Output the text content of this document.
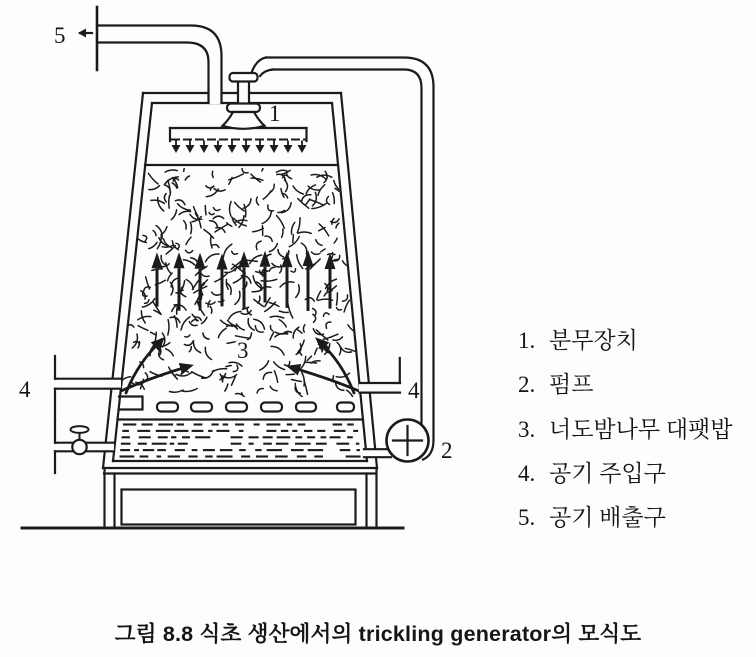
1
2
3
4	4
5
1. 분무장치
2. 펌프
3. 너도밤나무 대팻밥
4. 공기 주입구
5. 공기 배출구
그림 8.8 식초 생산에서의 trickling generator의 모식도
